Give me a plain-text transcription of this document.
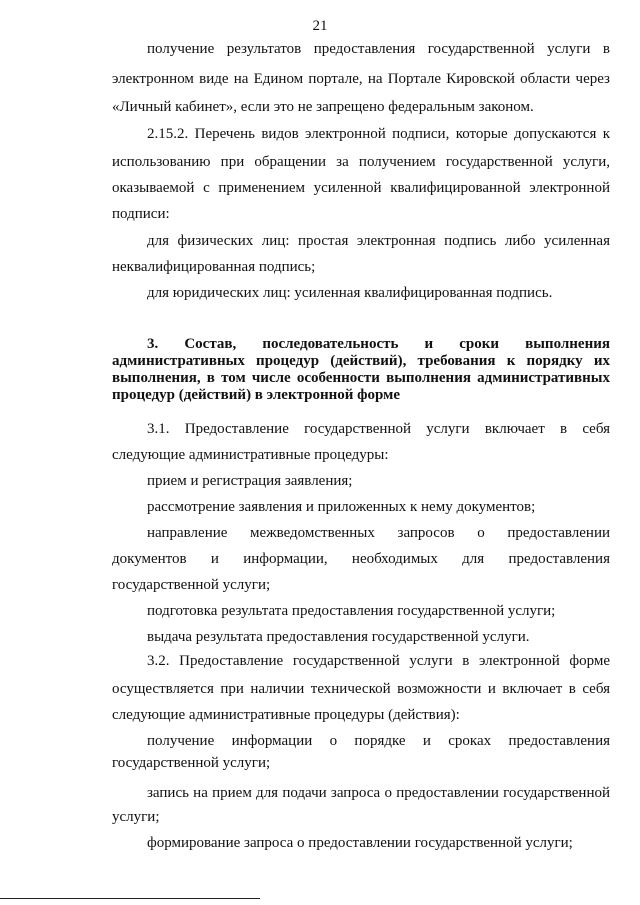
21
получение результатов предоставления государственной услуги в
электронном виде на Едином портале, на Портале Кировской области через
«Личный кабинет», если это не запрещено федеральным законом.
2.15.2. Перечень видов электронной подписи, которые допускаются к
использованию при обращении за получением государственной услуги,
оказываемой с применением усиленной квалифицированной электронной
подписи:
для физических лиц: простая электронная подпись либо усиленная
неквалифицированная подпись;
для юридических лиц: усиленная квалифицированная подпись.
3. Состав, последовательность и сроки выполнения
административных процедур (действий), требования к порядку их
выполнения, в том числе особенности выполнения административных
процедур (действий) в электронной форме
3.1. Предоставление государственной услуги включает в себя
следующие административные процедуры:
прием и регистрация заявления;
рассмотрение заявления и приложенных к нему документов;
направление межведомственных запросов о предоставлении
документов и информации, необходимых для предоставления
государственной услуги;
подготовка результата предоставления государственной услуги;
выдача результата предоставления государственной услуги.
3.2. Предоставление государственной услуги в электронной форме
осуществляется при наличии технической возможности и включает в себя
следующие административные процедуры (действия):
получение информации о порядке и сроках предоставления
государственной услуги;
запись на прием для подачи запроса о предоставлении государственной
услуги;
формирование запроса о предоставлении государственной услуги;
